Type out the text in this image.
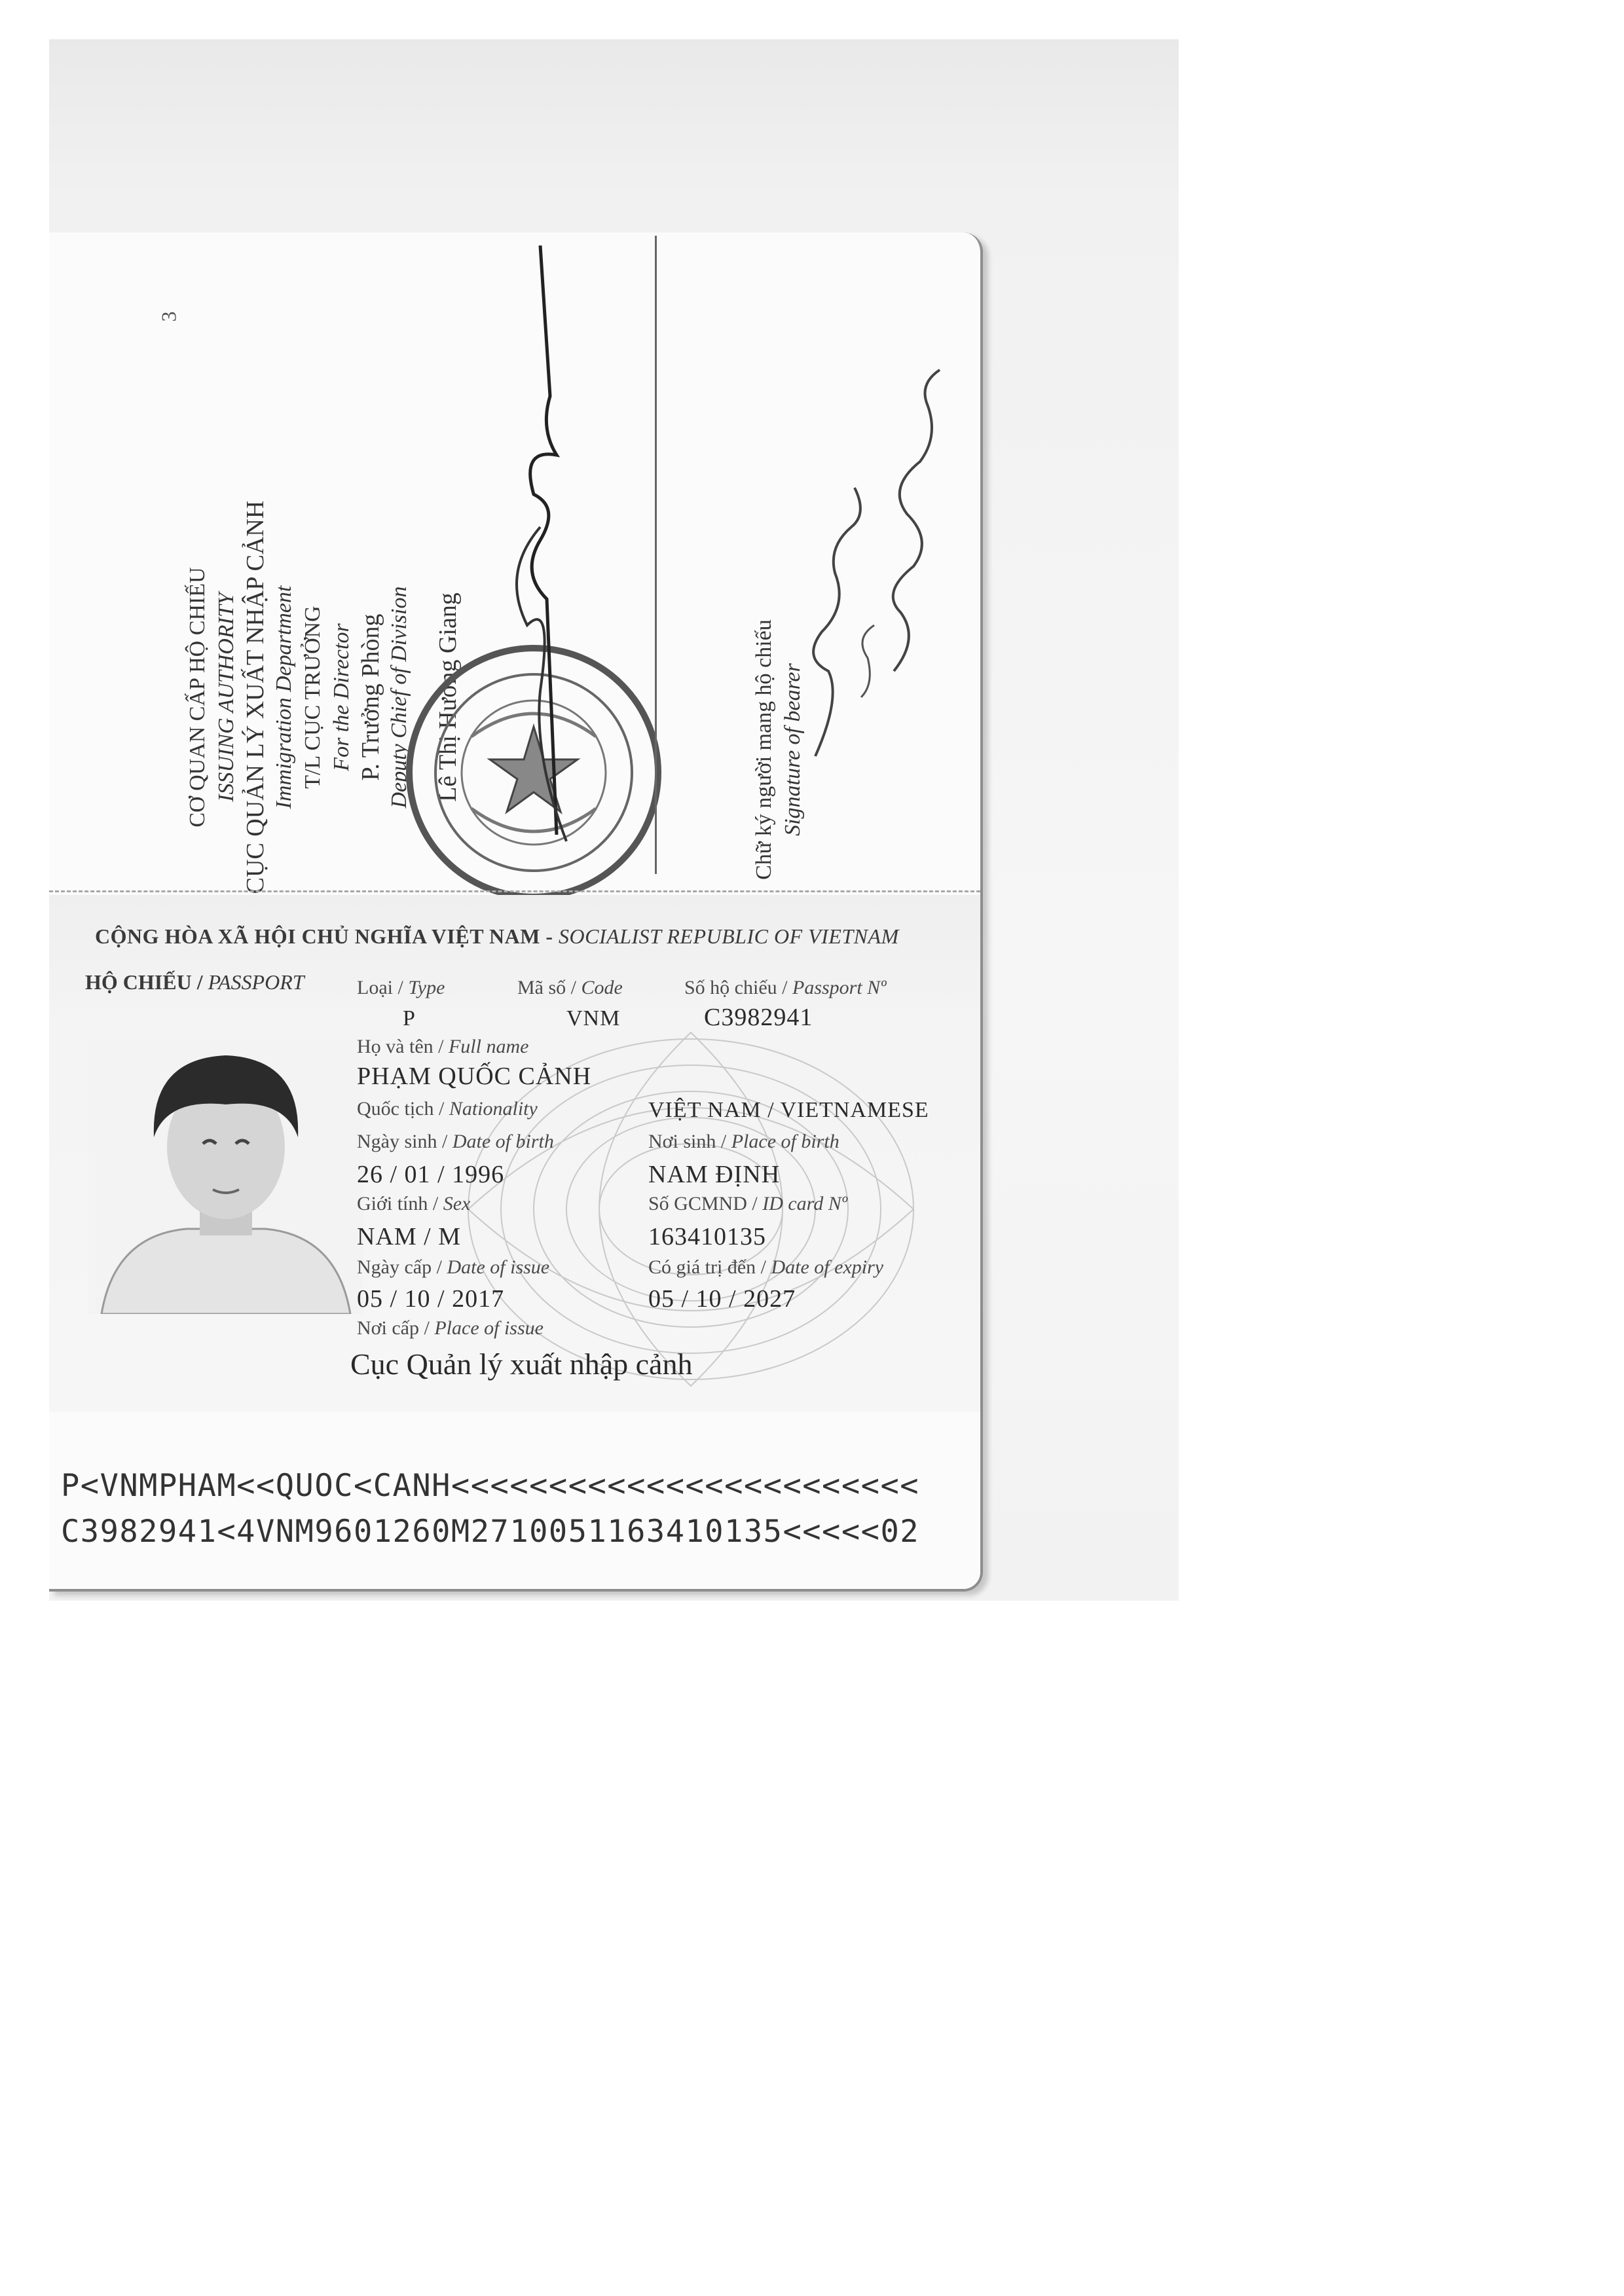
3
CƠ QUAN CẤP HỘ CHIẾU ISSUING AUTHORITY CỤC QUẢN LÝ XUẤT NHẬP CẢNH Immigration Department T/L CỤC TRƯỞNG For the Director P. Trưởng Phòng Deputy Chief of Division Lê Thị Hương Giang	Chữ ký người mang hộ chiếu Signature of bearer
CỘNG HÒA XÃ HỘI CHỦ NGHĨA VIỆT NAM - SOCIALIST REPUBLIC OF VIETNAM
HỘ CHIẾU / PASSPORT	Loại / Type	Mã số / Code	Số hộ chiếu / Passport Nº
P	VNM	C3982941
Họ và tên / Full name
PHẠM QUỐC CẢNH
Quốc tịch / Nationality	VIỆT NAM / VIETNAMESE
Ngày sinh / Date of birth	Nơi sinh / Place of birth
26 / 01 / 1996	NAM ĐỊNH
Giới tính / Sex	Số GCMND / ID card Nº
NAM / M	163410135
Ngày cấp / Date of issue	Có giá trị đến / Date of expiry
05 / 10 / 2017	05 / 10 / 2027
Nơi cấp / Place of issue
Cục Quản lý xuất nhập cảnh
P<VNMPHAM<<QUOC<CANH<<<<<<<<<<<<<<<<<<<<<<<<
C3982941<4VNM9601260M2710051163410135<<<<<02
